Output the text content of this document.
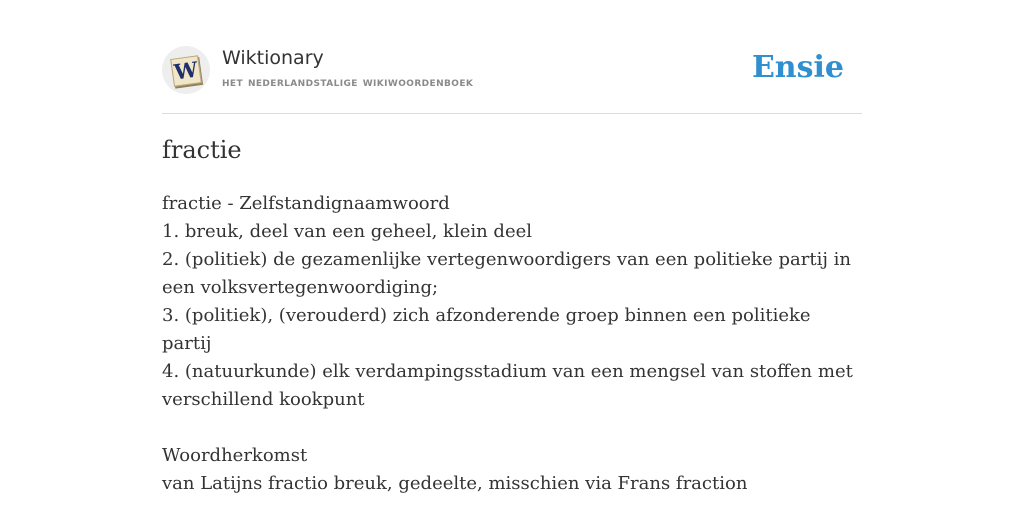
W Wiktionary
het nederlandstalige wikiwoordenboek	Ensie
fractie
fractie - Zelfstandignaamwoord
1. breuk, deel van een geheel, klein deel
2. (politiek) de gezamenlijke vertegenwoordigers van een politieke partij in een volksvertegenwoordiging;
3. (politiek), (verouderd) zich afzonderende groep binnen een politieke partij
4. (natuurkunde) elk verdampingsstadium van een mengsel van stoffen met verschillend kookpunt
Woordherkomst
van Latijns fractio breuk, gedeelte, misschien via Frans fraction
